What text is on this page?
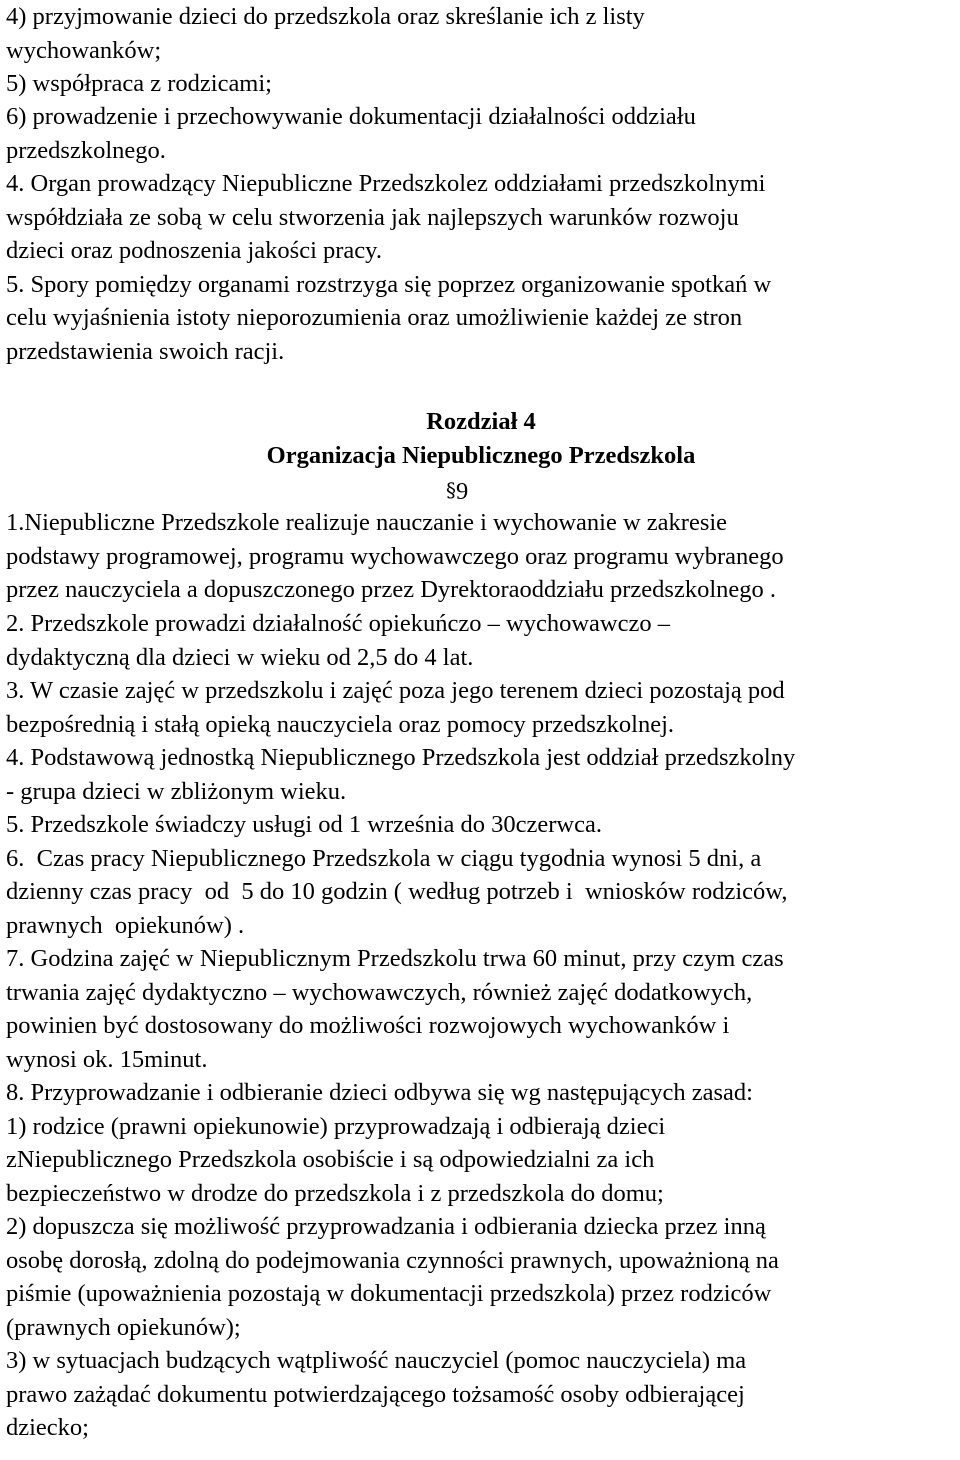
4) przyjmowanie dzieci do przedszkola oraz skreślanie ich z listy
wychowanków;
5) współpraca z rodzicami;
6) prowadzenie i przechowywanie dokumentacji działalności oddziału
przedszkolnego.
4. Organ prowadzący Niepubliczne Przedszkolez oddziałami przedszkolnymi
współdziała ze sobą w celu stworzenia jak najlepszych warunków rozwoju
dzieci oraz podnoszenia jakości pracy.
5. Spory pomiędzy organami rozstrzyga się poprzez organizowanie spotkań w
celu wyjaśnienia istoty nieporozumienia oraz umożliwienie każdej ze stron
przedstawienia swoich racji.
Rozdział 4
Organizacja Niepublicznego Przedszkola
§9
1.Niepubliczne Przedszkole realizuje nauczanie i wychowanie w zakresie
podstawy programowej, programu wychowawczego oraz programu wybranego
przez nauczyciela a dopuszczonego przez Dyrektoraoddziału przedszkolnego .
2. Przedszkole prowadzi działalność opiekuńczo – wychowawczo –
dydaktyczną dla dzieci w wieku od 2,5 do 4 lat.
3. W czasie zajęć w przedszkolu i zajęć poza jego terenem dzieci pozostają pod
bezpośrednią i stałą opieką nauczyciela oraz pomocy przedszkolnej.
4. Podstawową jednostką Niepublicznego Przedszkola jest oddział przedszkolny
- grupa dzieci w zbliżonym wieku.
5. Przedszkole świadczy usługi od 1 września do 30czerwca.
6.  Czas pracy Niepublicznego Przedszkola w ciągu tygodnia wynosi 5 dni, a
dzienny czas pracy  od  5 do 10 godzin ( według potrzeb i  wniosków rodziców,
prawnych  opiekunów) .
7. Godzina zajęć w Niepublicznym Przedszkolu trwa 60 minut, przy czym czas
trwania zajęć dydaktyczno – wychowawczych, również zajęć dodatkowych,
powinien być dostosowany do możliwości rozwojowych wychowanków i
wynosi ok. 15minut.
8. Przyprowadzanie i odbieranie dzieci odbywa się wg następujących zasad:
1) rodzice (prawni opiekunowie) przyprowadzają i odbierają dzieci
zNiepublicznego Przedszkola osobiście i są odpowiedzialni za ich
bezpieczeństwo w drodze do przedszkola i z przedszkola do domu;
2) dopuszcza się możliwość przyprowadzania i odbierania dziecka przez inną
osobę dorosłą, zdolną do podejmowania czynności prawnych, upoważnioną na
piśmie (upoważnienia pozostają w dokumentacji przedszkola) przez rodziców
(prawnych opiekunów);
3) w sytuacjach budzących wątpliwość nauczyciel (pomoc nauczyciela) ma
prawo zażądać dokumentu potwierdzającego tożsamość osoby odbierającej
dziecko;
